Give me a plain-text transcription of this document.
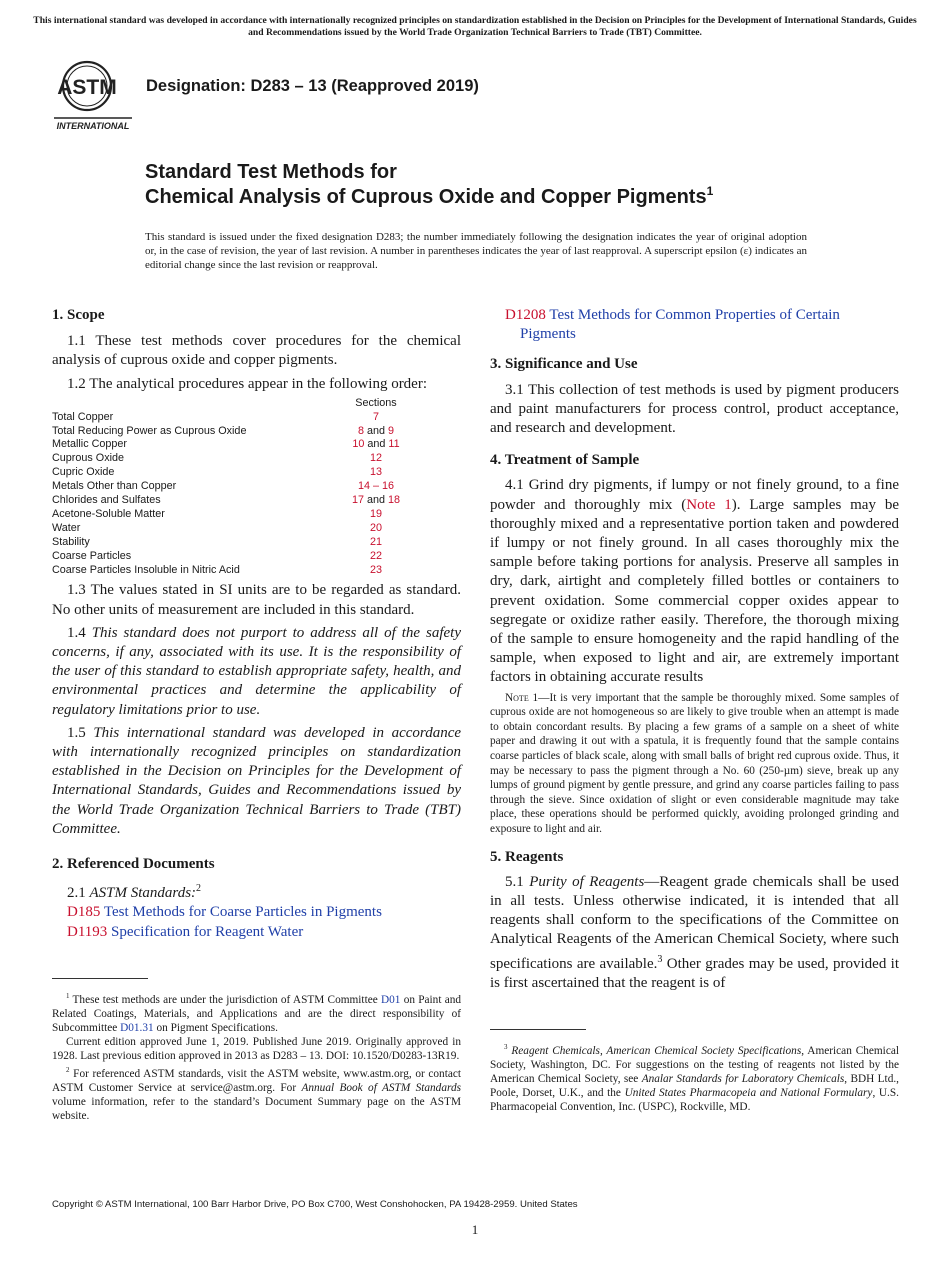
This international standard was developed in accordance with internationally recognized principles on standardization established in the Decision on Principles for the Development of International Standards, Guides and Recommendations issued by the World Trade Organization Technical Barriers to Trade (TBT) Committee.
ASTM
INTERNATIONAL
Designation: D283 – 13 (Reapproved 2019)
Standard Test Methods for
Chemical Analysis of Cuprous Oxide and Copper Pigments$^1$
This standard is issued under the fixed designation D283; the number immediately following the designation indicates the year of original adoption or, in the case of revision, the year of last revision. A number in parentheses indicates the year of last reapproval. A superscript epsilon (ε) indicates an editorial change since the last revision or reapproval.
1. Scope
1.1 These test methods cover procedures for the chemical analysis of cuprous oxide and copper pigments.
1.2 The analytical procedures appear in the following order:
Sections
Total Copper	7
Total Reducing Power as Cuprous Oxide	8 and 9
Metallic Copper	10 and 11
Cuprous Oxide	12
Cupric Oxide	13
Metals Other than Copper	14 – 16
Chlorides and Sulfates	17 and 18
Acetone-Soluble Matter	19
Water	20
Stability	21
Coarse Particles	22
Coarse Particles Insoluble in Nitric Acid	23
1.3 The values stated in SI units are to be regarded as standard. No other units of measurement are included in this standard.
1.4 This standard does not purport to address all of the safety concerns, if any, associated with its use. It is the responsibility of the user of this standard to establish appropriate safety, health, and environmental practices and determine the applicability of regulatory limitations prior to use.
1.5 This international standard was developed in accordance with internationally recognized principles on standardization established in the Decision on Principles for the Development of International Standards, Guides and Recommendations issued by the World Trade Organization Technical Barriers to Trade (TBT) Committee.
2. Referenced Documents
2.1 ASTM Standards:$^2$
D185 Test Methods for Coarse Particles in Pigments
D1193 Specification for Reagent Water
$^1$ These test methods are under the jurisdiction of ASTM Committee D01 on Paint and Related Coatings, Materials, and Applications and are the direct responsibility of Subcommittee D01.31 on Pigment Specifications.
Current edition approved June 1, 2019. Published June 2019. Originally approved in 1928. Last previous edition approved in 2013 as D283 – 13. DOI: 10.1520/D0283-13R19.
$^2$ For referenced ASTM standards, visit the ASTM website, www.astm.org, or contact ASTM Customer Service at service@astm.org. For Annual Book of ASTM Standards volume information, refer to the standard’s Document Summary page on the ASTM website.
D1208 Test Methods for Common Properties of Certain Pigments
3. Significance and Use
3.1 This collection of test methods is used by pigment producers and paint manufacturers for process control, product acceptance, and research and development.
4. Treatment of Sample
4.1 Grind dry pigments, if lumpy or not finely ground, to a fine powder and thoroughly mix (Note 1). Large samples may be thoroughly mixed and a representative portion taken and powdered if lumpy or not finely ground. In all cases thoroughly mix the sample before taking portions for analysis. Preserve all samples in dry, dark, airtight and completely filled bottles or containers to prevent oxidation. Some commercial copper oxides appear to segregate or oxidize rather easily. Therefore, the thorough mixing of the sample to ensure homogeneity and the rapid handling of the sample, when exposed to light and air, are extremely important factors in obtaining accurate results
Note 1—It is very important that the sample be thoroughly mixed. Some samples of cuprous oxide are not homogeneous so are likely to give trouble when an attempt is made to obtain concordant results. By placing a few grams of a sample on a sheet of white paper and drawing it out with a spatula, it is frequently found that the sample contains coarse particles of black scale, along with small balls of bright red cuprous oxide. Thus, it may be necessary to pass the pigment through a No. 60 (250-µm) sieve, break up any lumps of ground pigment by gentle pressure, and grind any coarse particles failing to pass through the sieve. Since oxidation of slight or even considerable magnitude may take place, these operations should be performed quickly, avoiding prolonged grinding and exposure to light and air.
5. Reagents
5.1 Purity of Reagents—Reagent grade chemicals shall be used in all tests. Unless otherwise indicated, it is intended that all reagents shall conform to the specifications of the Committee on Analytical Reagents of the American Chemical Society, where such specifications are available.$^3$ Other grades may be used, provided it is first ascertained that the reagent is of
$^3$ Reagent Chemicals, American Chemical Society Specifications, American Chemical Society, Washington, DC. For suggestions on the testing of reagents not listed by the American Chemical Society, see Analar Standards for Laboratory Chemicals, BDH Ltd., Poole, Dorset, U.K., and the United States Pharmacopeia and National Formulary, U.S. Pharmacopeial Convention, Inc. (USPC), Rockville, MD.
Copyright © ASTM International, 100 Barr Harbor Drive, PO Box C700, West Conshohocken, PA 19428-2959. United States
1
